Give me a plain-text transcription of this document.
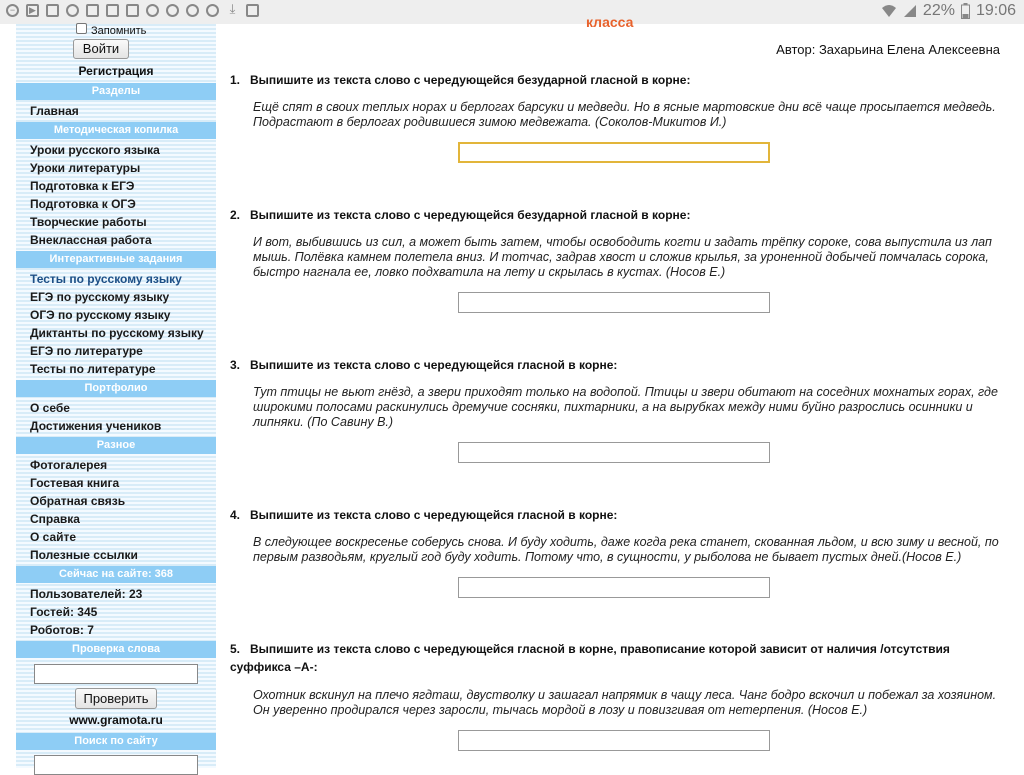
−	▶	⤓	22% 19:06
Запомнить
Войти
Регистрация
Разделы
Главная
Методическая копилка
Уроки русского языка
Уроки литературы
Подготовка к ЕГЭ
Подготовка к ОГЭ
Творческие работы
Внеклассная работа
Интерактивные задания
Тесты по русскому языку
ЕГЭ по русскому языку
ОГЭ по русскому языку
Диктанты по русскому языку
ЕГЭ по литературе
Тесты по литературе
Портфолио
О себе
Достижения учеников
Разное
Фотогалерея
Гостевая книга
Обратная связь
Справка
О сайте
Полезные ссылки
Сейчас на сайте: 368
Пользователей: 23
Гостей: 345
Роботов: 7
Проверка слова
Проверить
www.gramota.ru
Поиск по сайту
класса
Автор: Захарьина Елена Алексеевна
1. Выпишите из текста слово с чередующейся безударной гласной в корне:
Ещё спят в своих теплых норах и берлогах барсуки и медведи. Но в ясные мартовские дни всё чаще просыпается медведь. Подрастают в берлогах родившиеся зимою медвежата. (Соколов-Микитов И.)
2. Выпишите из текста слово с чередующейся безударной гласной в корне:
И вот, выбившись из сил, а может быть затем, чтобы освободить когти и задать трёпку сороке, сова выпустила из лап мышь. Полёвка камнем полетела вниз. И тотчас, задрав хвост и сложив крылья, за уроненной добычей помчалась сорока, быстро нагнала ее, ловко подхватила на лету и скрылась в кустах. (Носов Е.)
3. Выпишите из текста слово с чередующейся гласной в корне:
Тут птицы не вьют гнёзд, а звери приходят только на водопой. Птицы и звери обитают на соседних мохнатых горах, где широкими полосами раскинулись дремучие сосняки, пихтарники, а на вырубках между ними буйно разрослись осинники и липняки. (По Савину В.)
4. Выпишите из текста слово с чередующейся гласной в корне:
В следующее воскресенье соберусь снова. И буду ходить, даже когда река станет, скованная льдом, и всю зиму и весной, по первым разводьям, круглый год буду ходить. Потому что, в сущности, у рыболова не бывает пустых дней.(Носов Е.)
5. Выпишите из текста слово с чередующейся гласной в корне, правописание которой зависит от наличия /отсутствия суффикса –А-:
Охотник вскинул на плечо ягдташ, двустволку и зашагал напрямик в чащу леса. Чанг бодро вскочил и побежал за хозяином. Он уверенно продирался через заросли, тычась мордой в лозу и повизгивая от нетерпения. (Носов Е.)
